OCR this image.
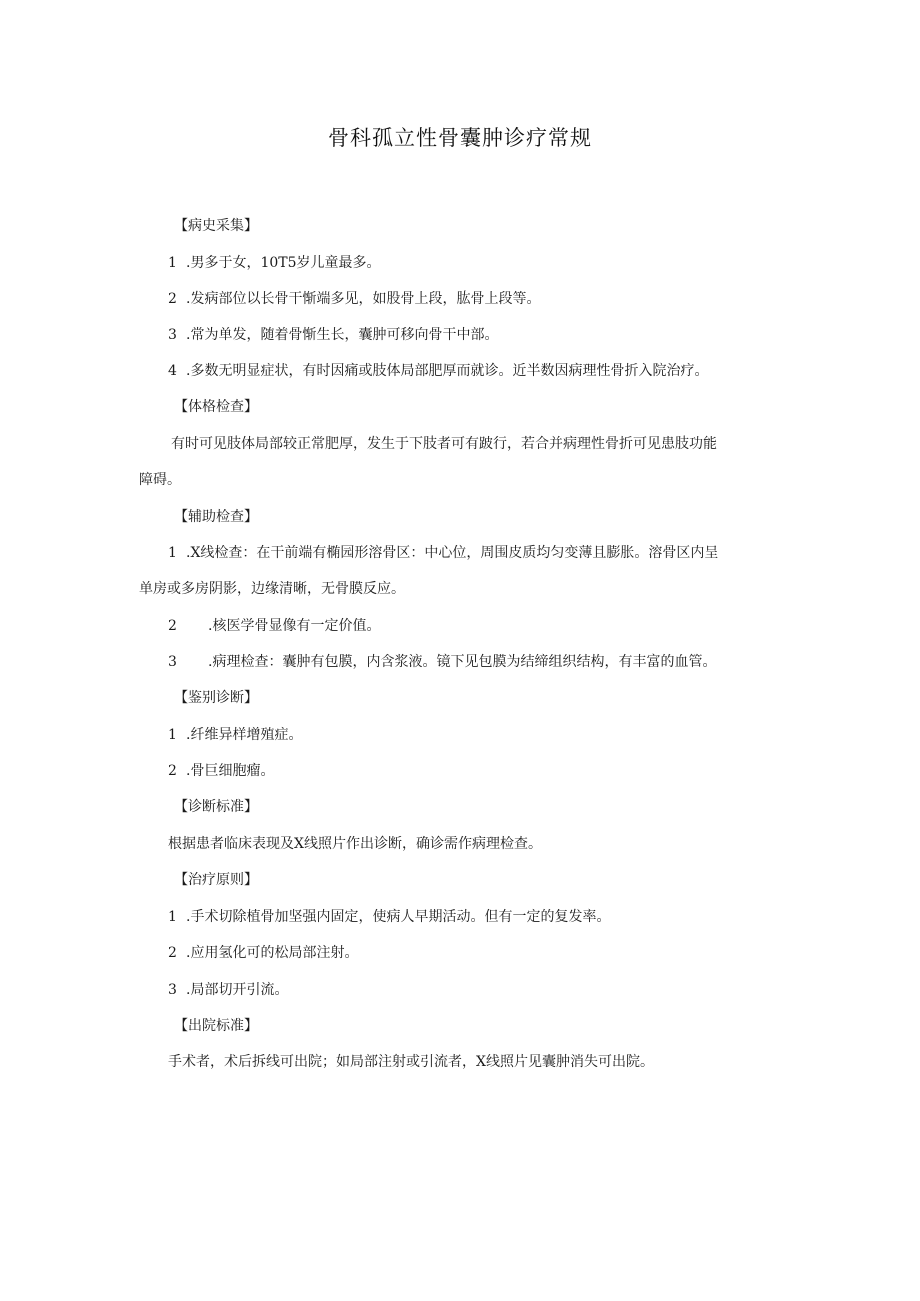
骨科孤立性骨囊肿诊疗常规

【病史采集】

1 .男多于女，10T5岁儿童最多。

2 .发病部位以长骨干惭端多见，如股骨上段，肱骨上段等。

3 .常为单发，随着骨惭生长，囊肿可移向骨干中部。

4 .多数无明显症状，有时因痛或肢体局部肥厚而就诊。近半数因病理性骨折入院治疗。

【体格检查】

有时可见肢体局部较正常肥厚，发生于下肢者可有跛行，若合并病理性骨折可见患肢功能

障碍。

【辅助检查】

1 .X线检查：在干前端有椭园形溶骨区：中心位，周围皮质均匀变薄且膨胀。溶骨区内呈

单房或多房阴影，边缘清晰，无骨膜反应。

2 .核医学骨显像有一定价值。

3 .病理检查：囊肿有包膜，内含浆液。镜下见包膜为结缔组织结构，有丰富的血管。

【鉴别诊断】

1 .纤维异样增殖症。

2 .骨巨细胞瘤。

【诊断标准】

根据患者临床表现及X线照片作出诊断，确诊需作病理检查。

【治疗原则】

1 .手术切除植骨加坚强内固定，使病人早期活动。但有一定的复发率。

2 .应用氢化可的松局部注射。

3 .局部切开引流。

【出院标准】

手术者，术后拆线可出院；如局部注射或引流者，X线照片见囊肿消失可出院。
